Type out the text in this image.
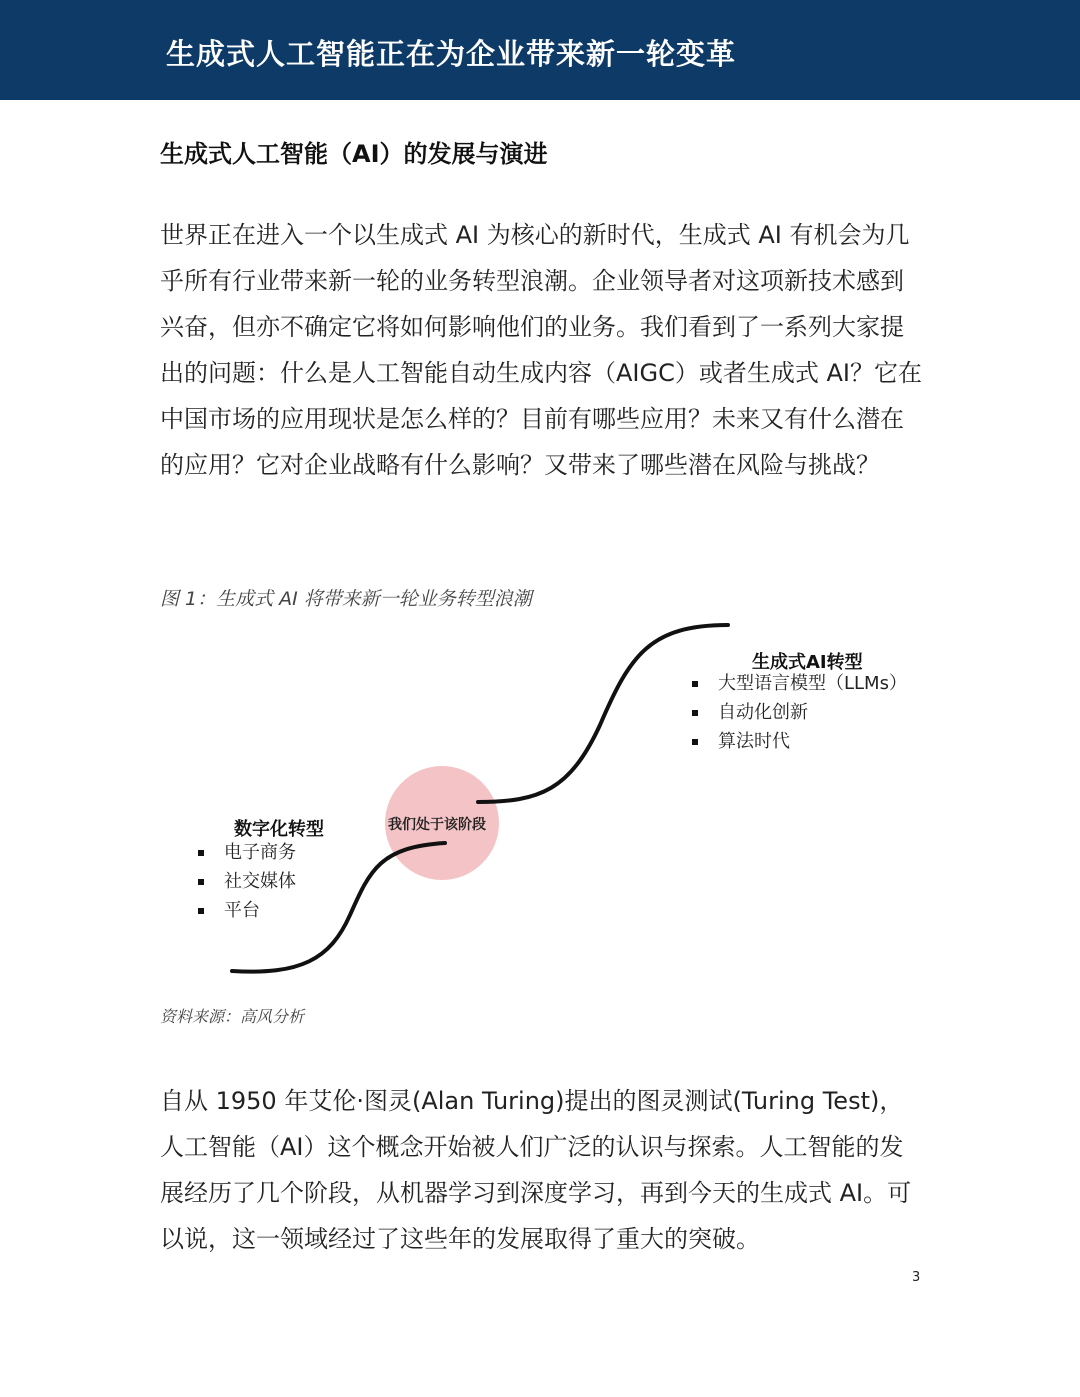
生成式人工智能正在为企业带来新一轮变革
生成式人工智能（AI）的发展与演进

世界正在进入一个以生成式 AI 为核心的新时代，生成式 AI 有机会为几乎所有行业带来新一轮的业务转型浪潮。企业领导者对这项新技术感到兴奋，但亦不确定它将如何影响他们的业务。我们看到了一系列大家提出的问题：什么是人工智能自动生成内容（AIGC）或者生成式 AI？它在中国市场的应用现状是怎么样的？目前有哪些应用？未来又有什么潜在的应用？它对企业战略有什么影响？又带来了哪些潜在风险与挑战？

图 1：生成式 AI 将带来新一轮业务转型浪潮
我们处于该阶段
数字化转型
电子商务
社交媒体
平台
生成式AI转型
大型语言模型（LLMs）
自动化创新
算法时代
资料来源：高风分析

自从 1950 年艾伦·图灵(Alan Turing)提出的图灵测试(Turing Test)，人工智能（AI）这个概念开始被人们广泛的认识与探索。人工智能的发展经历了几个阶段，从机器学习到深度学习，再到今天的生成式 AI。可以说，这一领域经过了这些年的发展取得了重大的突破。

3
